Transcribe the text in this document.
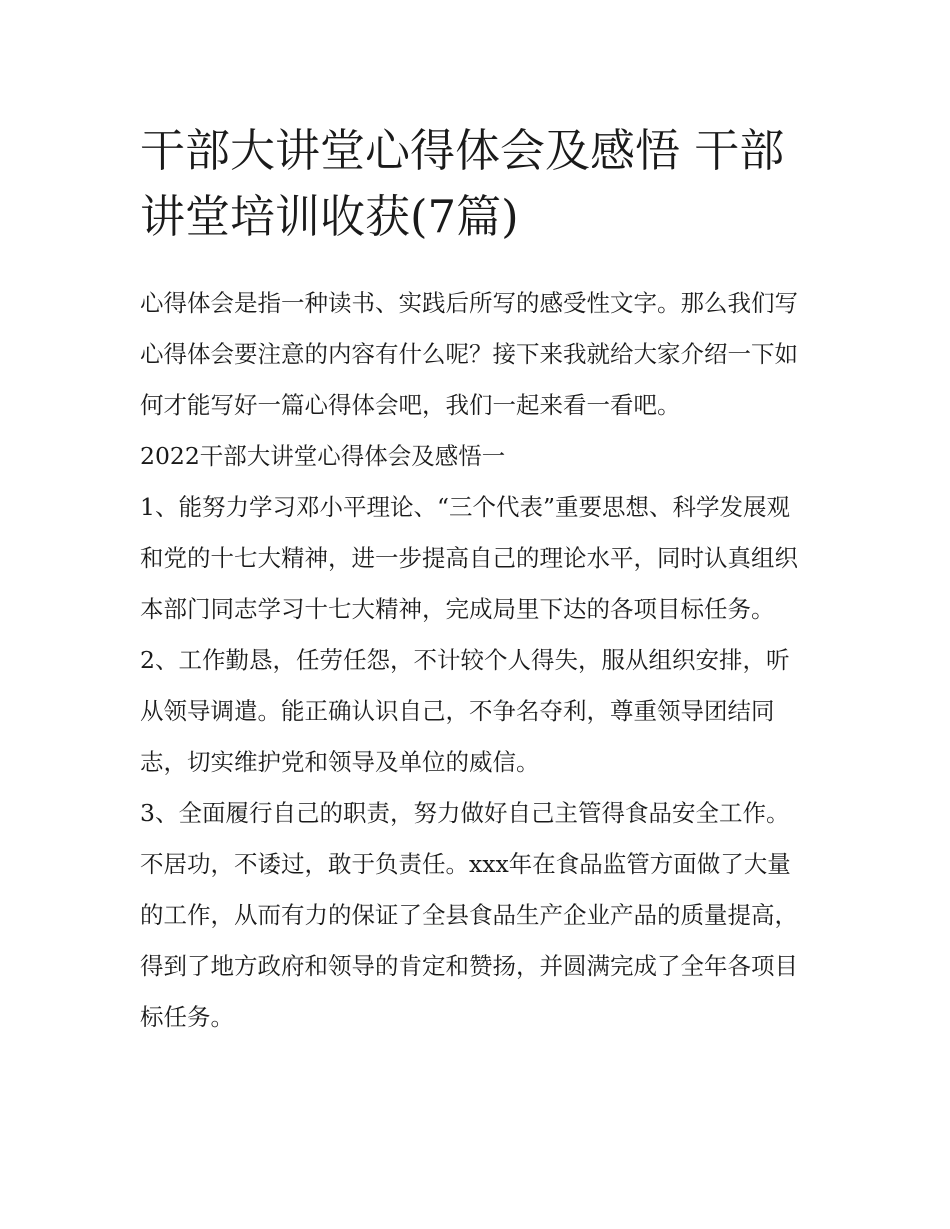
干部大讲堂心得体会及感悟 干部讲堂培训收获(7篇)

心得体会是指一种读书、实践后所写的感受性文字。那么我们写心得体会要注意的内容有什么呢？接下来我就给大家介绍一下如何才能写好一篇心得体会吧，我们一起来看一看吧。

2022干部大讲堂心得体会及感悟一

1、能努力学习邓小平理论、“三个代表”重要思想、科学发展观和党的十七大精神，进一步提高自己的理论水平，同时认真组织本部门同志学习十七大精神，完成局里下达的各项目标任务。

2、工作勤恳，任劳任怨，不计较个人得失，服从组织安排，听从领导调遣。能正确认识自己，不争名夺利，尊重领导团结同志，切实维护党和领导及单位的威信。

3、全面履行自己的职责，努力做好自己主管得食品安全工作。不居功，不诿过，敢于负责任。xxx年在食品监管方面做了大量的工作，从而有力的保证了全县食品生产企业产品的质量提高，得到了地方政府和领导的肯定和赞扬，并圆满完成了全年各项目标任务。
